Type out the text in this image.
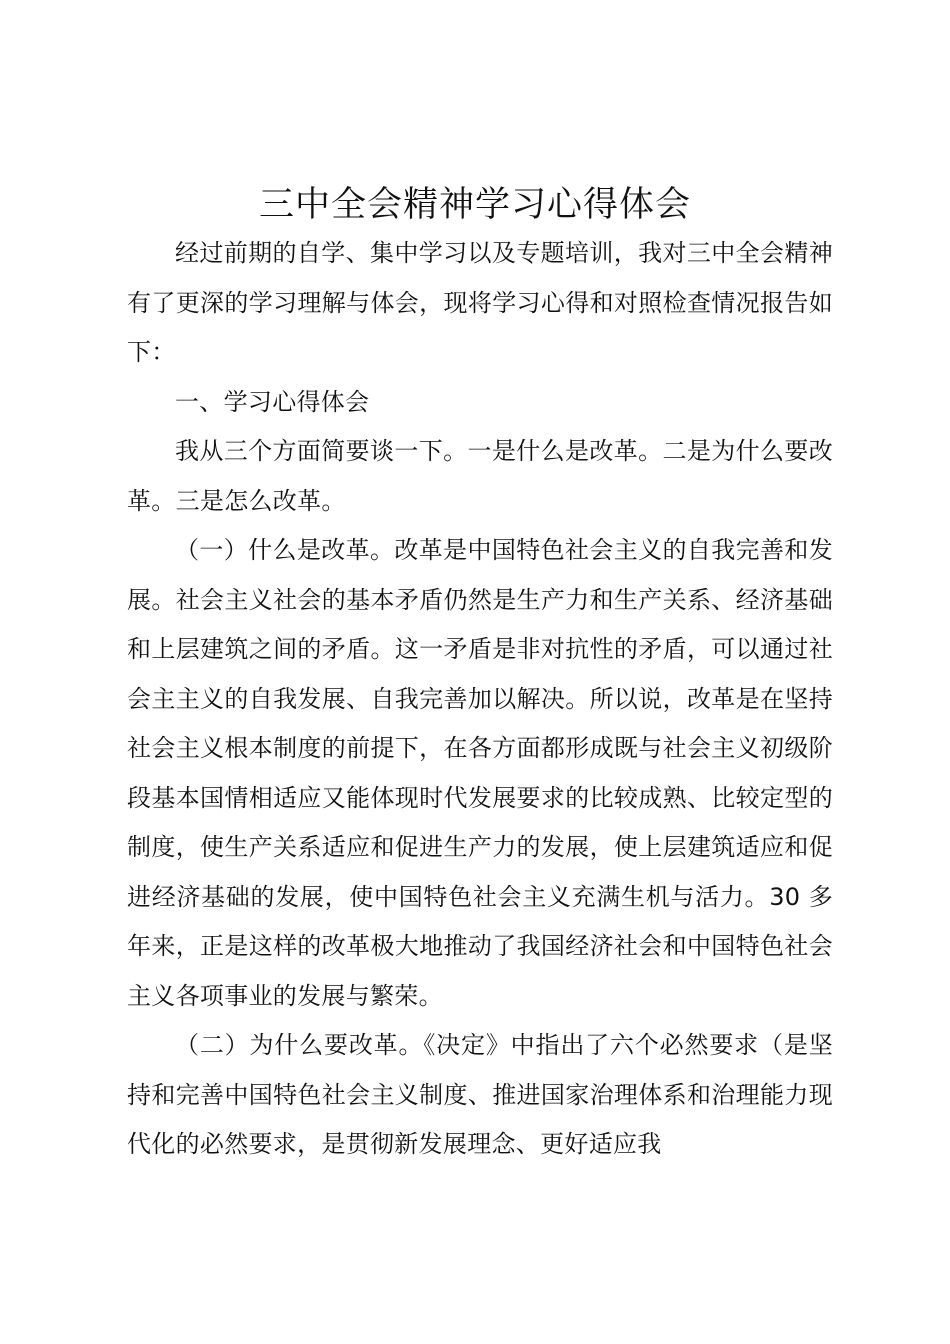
三中全会精神学习心得体会

经过前期的自学、集中学习以及专题培训，我对三中全会精神有了更深的学习理解与体会，现将学习心得和对照检查情况报告如下：

一、学习心得体会

我从三个方面简要谈一下。一是什么是改革。二是为什么要改革。三是怎么改革。

（一）什么是改革。改革是中国特色社会主义的自我完善和发展。社会主义社会的基本矛盾仍然是生产力和生产关系、经济基础和上层建筑之间的矛盾。这一矛盾是非对抗性的矛盾，可以通过社会主主义的自我发展、自我完善加以解决。所以说，改革是在坚持社会主义根本制度的前提下，在各方面都形成既与社会主义初级阶段基本国情相适应又能体现时代发展要求的比较成熟、比较定型的制度，使生产关系适应和促进生产力的发展，使上层建筑适应和促进经济基础的发展，使中国特色社会主义充满生机与活力。30 多年来，正是这样的改革极大地推动了我国经济社会和中国特色社会主义各项事业的发展与繁荣。

（二）为什么要改革。《决定》中指出了六个必然要求（是坚持和完善中国特色社会主义制度、推进国家治理体系和治理能力现代化的必然要求，是贯彻新发展理念、更好适应我
